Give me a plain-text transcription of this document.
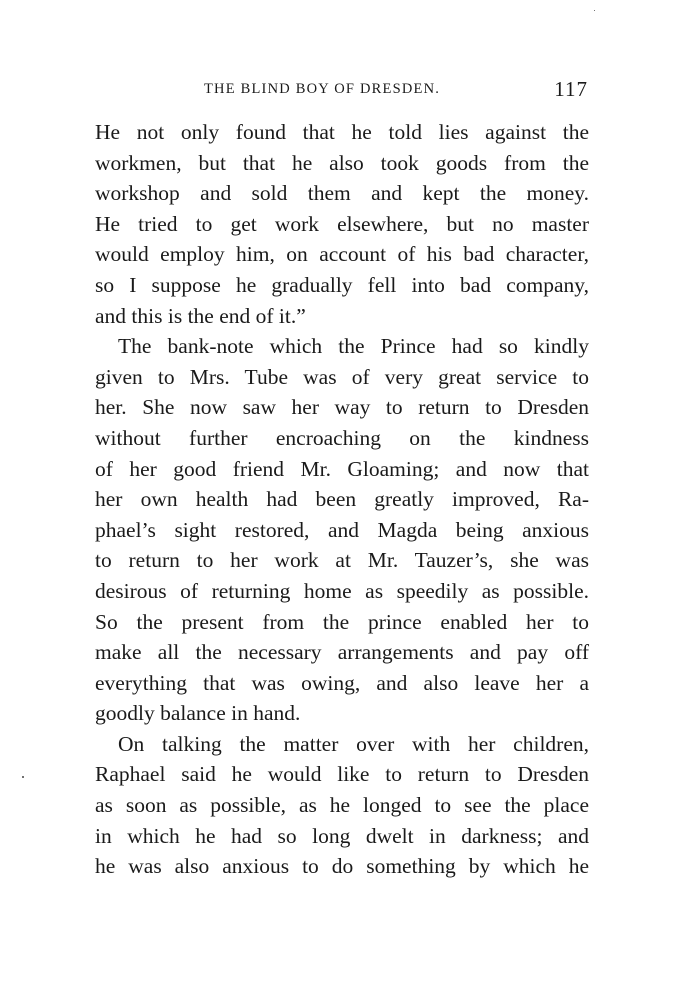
THE BLIND BOY OF DRESDEN.	117
He not only found that he told lies against the
workmen, but that he also took goods from the
workshop and sold them and kept the money.
He tried to get work elsewhere, but no master
would employ him, on account of his bad character,
so I suppose he gradually fell into bad company,
and this is the end of it.”
The bank-note which the Prince had so kindly
given to Mrs. Tube was of very great service to
her. She now saw her way to return to Dresden
without further encroaching on the kindness
of her good friend Mr. Gloaming; and now that
her own health had been greatly improved, Ra-
phael’s sight restored, and Magda being anxious
to return to her work at Mr. Tauzer’s, she was
desirous of returning home as speedily as possible.
So the present from the prince enabled her to
make all the necessary arrangements and pay off
everything that was owing, and also leave her a
goodly balance in hand.
On talking the matter over with her children,
Raphael said he would like to return to Dresden
as soon as possible, as he longed to see the place
in which he had so long dwelt in darkness; and
he was also anxious to do something by which he
